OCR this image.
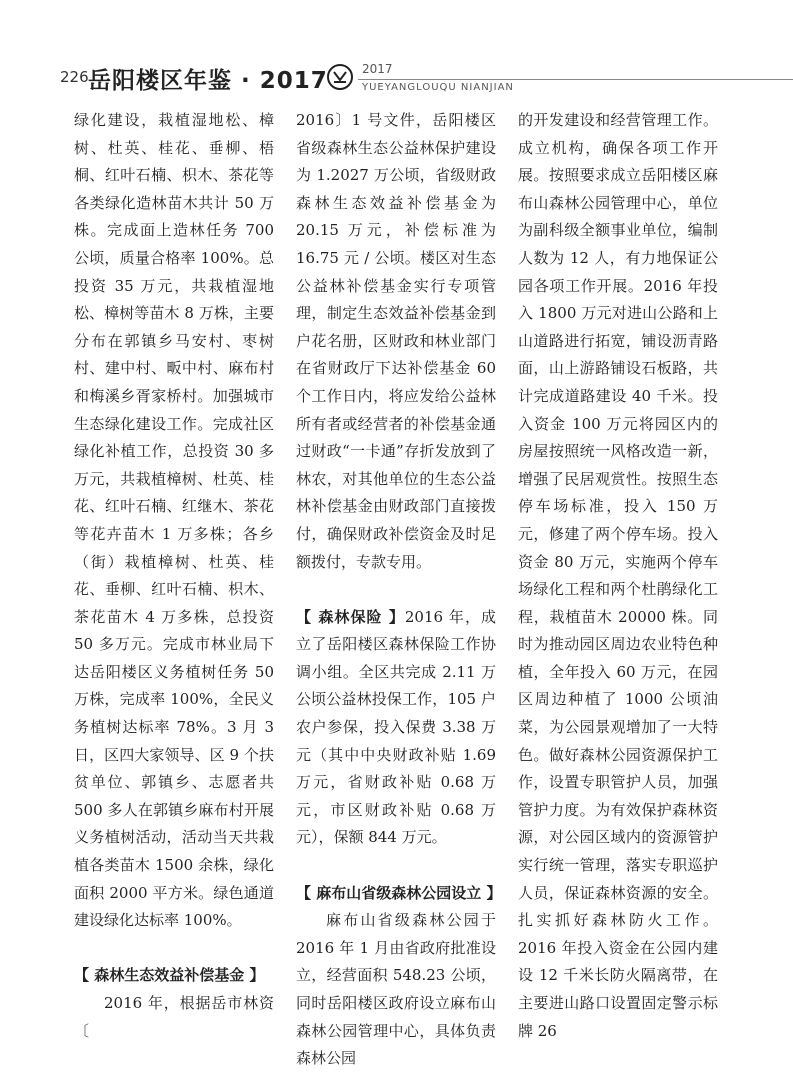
226 岳阳楼区年鉴 · 2017	2017
YUEYANGLOUQU NIANJIAN

绿化建设，栽植湿地松、樟树、杜英、桂花、垂柳、梧桐、红叶石楠、枳木、茶花等各类绿化造林苗木共计 50 万株。完成面上造林任务 700 公顷，质量合格率 100%。总投资 35 万元，共栽植湿地松、樟树等苗木 8 万株，主要分布在郭镇乡马安村、枣树村、建中村、畈中村、麻布村和梅溪乡胥家桥村。加强城市生态绿化建设工作。完成社区绿化补植工作，总投资 30 多万元，共栽植樟树、杜英、桂花、红叶石楠、红继木、茶花等花卉苗木 1 万多株；各乡（街）栽植樟树、杜英、桂花、垂柳、红叶石楠、枳木、茶花苗木 4 万多株，总投资 50 多万元。完成市林业局下达岳阳楼区义务植树任务 50 万株，完成率 100%，全民义务植树达标率 78%。3 月 3 日，区四大家领导、区 9 个扶贫单位、郭镇乡、志愿者共 500 多人在郭镇乡麻布村开展义务植树活动，活动当天共栽植各类苗木 1500 余株，绿化面积 2000 平方米。绿色通道建设绿化达标率 100%。

【 森林生态效益补偿基金 】

2016 年，根据岳市林资〔

2016〕1 号文件，岳阳楼区省级森林生态公益林保护建设为 1.2027 万公顷，省级财政森林生态效益补偿基金为 20.15 万元，补偿标准为 16.75 元 / 公顷。楼区对生态公益林补偿基金实行专项管理，制定生态效益补偿基金到户花名册，区财政和林业部门在省财政厅下达补偿基金 60 个工作日内，将应发给公益林所有者或经营者的补偿基金通过财政“一卡通”存折发放到了林农，对其他单位的生态公益林补偿基金由财政部门直接拨付，确保财政补偿资金及时足额拨付，专款专用。

【 森林保险 】2016 年，成立了岳阳楼区森林保险工作协调小组。全区共完成 2.11 万公顷公益林投保工作，105 户农户参保，投入保费 3.38 万元（其中中央财政补贴 1.69 万元，省财政补贴 0.68 万元，市区财政补贴 0.68 万元），保额 844 万元。

【 麻布山省级森林公园设立 】

麻布山省级森林公园于 2016 年 1 月由省政府批准设立，经营面积 548.23 公顷，同时岳阳楼区政府设立麻布山森林公园管理中心，具体负责森林公园

的开发建设和经营管理工作。成立机构，确保各项工作开展。按照要求成立岳阳楼区麻布山森林公园管理中心，单位为副科级全额事业单位，编制人数为 12 人，有力地保证公园各项工作开展。2016 年投入 1800 万元对进山公路和上山道路进行拓宽，铺设沥青路面，山上游路铺设石板路，共计完成道路建设 40 千米。投入资金 100 万元将园区内的房屋按照统一风格改造一新，增强了民居观赏性。按照生态停车场标准，投入 150 万元，修建了两个停车场。投入资金 80 万元，实施两个停车场绿化工程和两个杜鹃绿化工程，栽植苗木 20000 株。同时为推动园区周边农业特色种植，全年投入 60 万元，在园区周边种植了 1000 公顷油菜，为公园景观增加了一大特色。做好森林公园资源保护工作，设置专职管护人员，加强管护力度。为有效保护森林资源，对公园区域内的资源管护实行统一管理，落实专职巡护人员，保证森林资源的安全。扎实抓好森林防火工作。2016 年投入资金在公园内建设 12 千米长防火隔离带，在主要进山路口设置固定警示标牌 26
